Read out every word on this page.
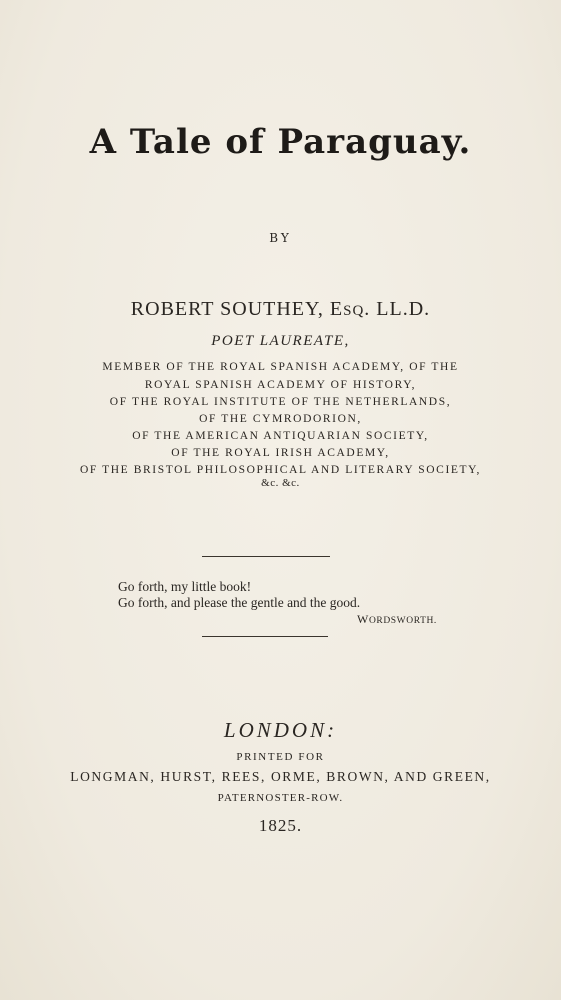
A Tale of Paraguay.
BY
ROBERT SOUTHEY, ESQ. LL.D.
POET LAUREATE,
MEMBER OF THE ROYAL SPANISH ACADEMY, OF THE
ROYAL SPANISH ACADEMY OF HISTORY,
OF THE ROYAL INSTITUTE OF THE NETHERLANDS,
OF THE CYMRODORION,
OF THE AMERICAN ANTIQUARIAN SOCIETY,
OF THE ROYAL IRISH ACADEMY,
OF THE BRISTOL PHILOSOPHICAL AND LITERARY SOCIETY,
&c. &c.
Go forth, my little book!
Go forth, and please the gentle and the good.
WORDSWORTH.
LONDON:
PRINTED FOR
LONGMAN, HURST, REES, ORME, BROWN, AND GREEN,
PATERNOSTER-ROW.
1825.
